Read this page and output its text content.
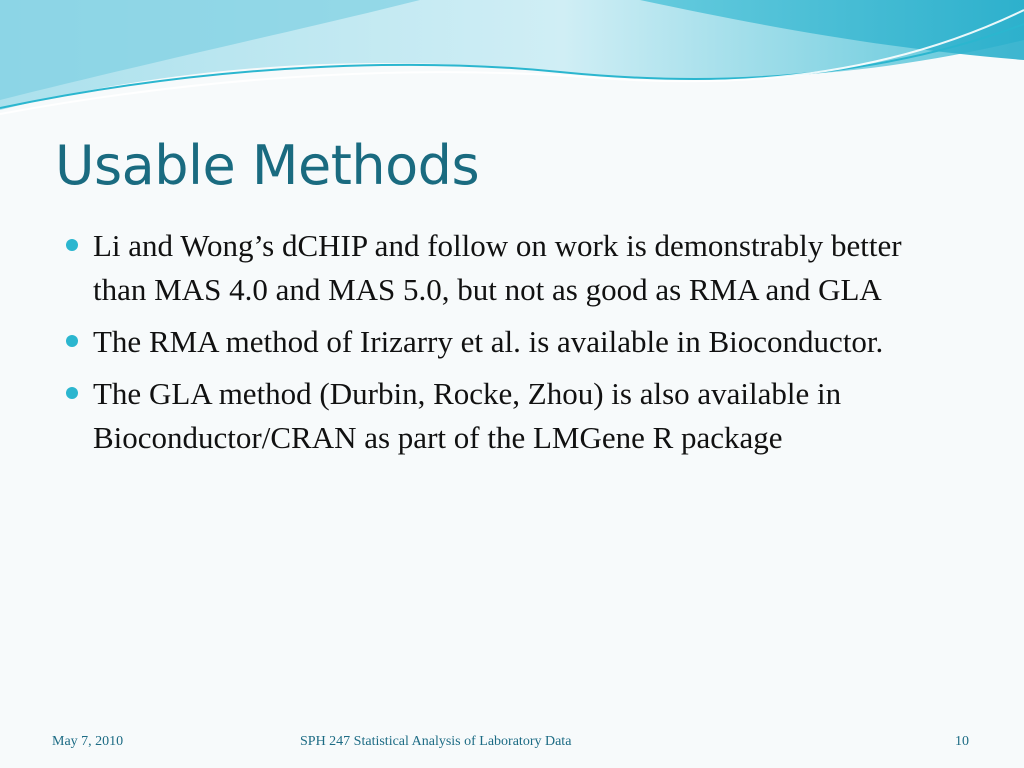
Usable Methods
Li and Wong’s dCHIP and follow on work is demonstrably better than MAS 4.0 and MAS 5.0, but not as good as RMA and GLA
The RMA method of Irizarry et al. is available in Bioconductor.
The GLA method (Durbin, Rocke, Zhou) is also available in Bioconductor/CRAN as part of the LMGene R package
May 7, 2010	SPH 247 Statistical Analysis of Laboratory Data	10
